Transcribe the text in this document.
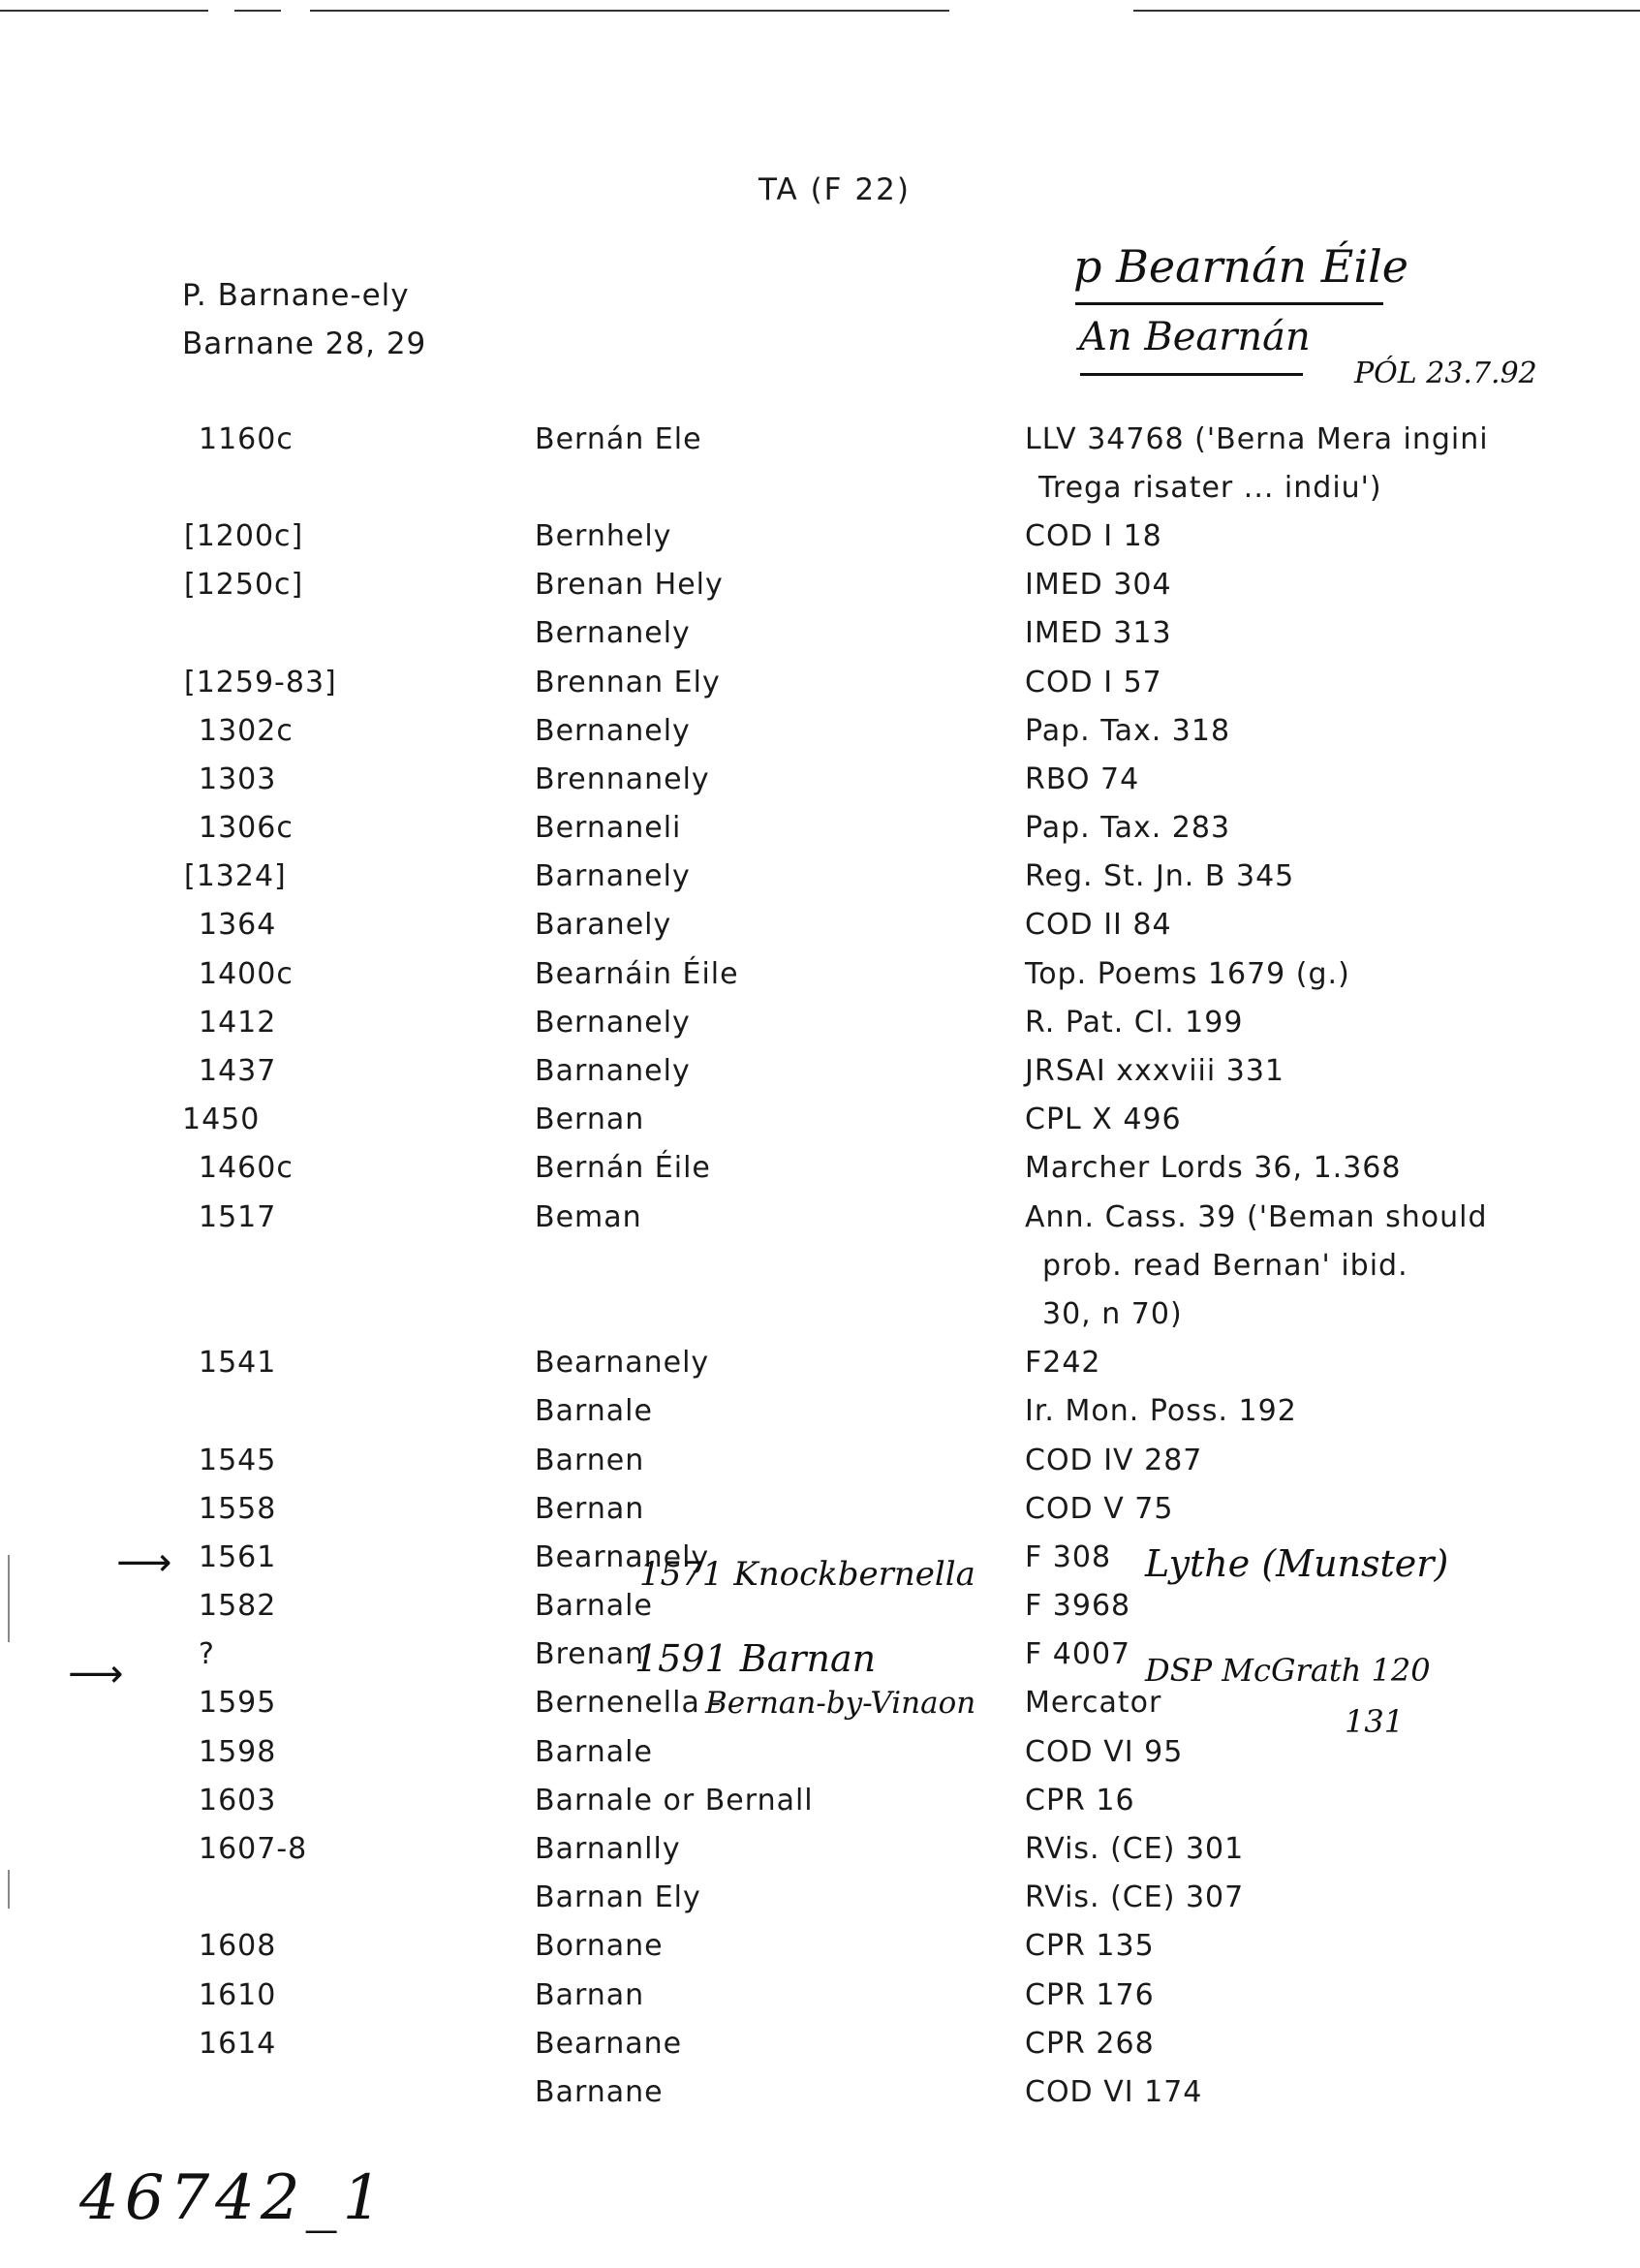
TA (F 22)
P. Barnane-ely
Barnane 28, 29
p Bearnán Éile
An Bearnán
PÓL 23.7.92
1160c	Bernán Ele	LLV 34768 ('Berna Mera ingini
		Trega risater ... indiu')
[1200c]	Bernhely	COD I 18
[1250c]	Brenan Hely	IMED 304
	Bernanely	IMED 313
[1259-83]	Brennan Ely	COD I 57
1302c	Bernanely	Pap. Tax. 318
1303	Brennanely	RBO 74
1306c	Bernaneli	Pap. Tax. 283
[1324]	Barnanely	Reg. St. Jn. B 345
1364	Baranely	COD II 84
1400c	Bearnáin Éile	Top. Poems 1679 (g.)
1412	Bernanely	R. Pat. Cl. 199
1437	Barnanely	JRSAI xxxviii 331
1450	Bernan	CPL X 496
1460c	Bernán Éile	Marcher Lords 36, 1.368
1517	Beman	Ann. Cass. 39 ('Beman should
		prob. read Bernan' ibid.
		30, n 70)
1541	Bearnanely	F242
	Barnale	Ir. Mon. Poss. 192
1545	Barnen	COD IV 287
1558	Bernan	COD V 75
1561	Bearnanely	F 308
1582	Barnale	F 3968
?	Brenan	F 4007
1595	Bernenella -	Mercator
1598	Barnale	COD VI 95
1603	Barnale or Bernall	CPR 16
1607-8	Barnanlly	RVis. (CE) 301
	Barnan Ely	RVis. (CE) 307
1608	Bornane	CPR 135
1610	Barnan	CPR 176
1614	Bearnane	CPR 268
	Barnane	COD VI 174
⟶
⟶
1571 Knockbernella	Lythe (Munster)
1591 Barnan
Bernan-by-Vinaon
DSP McGrath 120
131
46742_1
